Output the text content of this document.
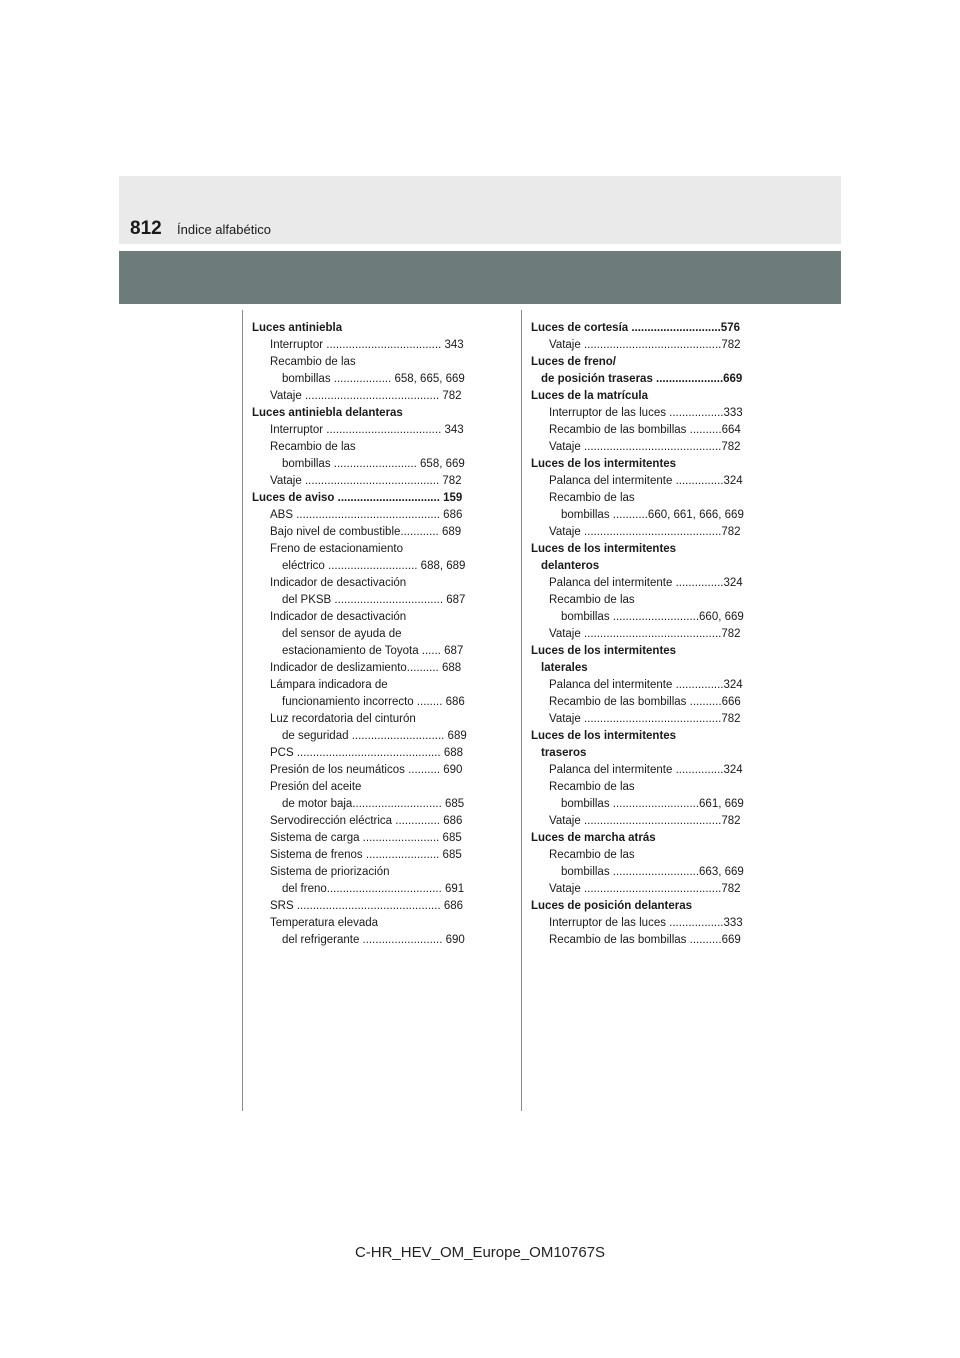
812 Índice alfabético
Luces antiniebla
Interruptor .................................... 343
Recambio de las
bombillas .................. 658, 665, 669
Vataje .......................................... 782
Luces antiniebla delanteras
Interruptor .................................... 343
Recambio de las
bombillas .......................... 658, 669
Vataje .......................................... 782
Luces de aviso ................................ 159
ABS ............................................. 686
Bajo nivel de combustible............ 689
Freno de estacionamiento
eléctrico ............................ 688, 689
Indicador de desactivación
del PKSB .................................. 687
Indicador de desactivación
del sensor de ayuda de
estacionamiento de Toyota ...... 687
Indicador de deslizamiento.......... 688
Lámpara indicadora de
funcionamiento incorrecto ........ 686
Luz recordatoria del cinturón
de seguridad ............................. 689
PCS ............................................. 688
Presión de los neumáticos .......... 690
Presión del aceite
de motor baja............................ 685
Servodirección eléctrica .............. 686
Sistema de carga ........................ 685
Sistema de frenos ....................... 685
Sistema de priorización
del freno.................................... 691
SRS ............................................. 686
Temperatura elevada
del refrigerante ......................... 690
Luces de cortesía ............................576
Vataje ...........................................782
Luces de freno/
de posición traseras .....................669
Luces de la matrícula
Interruptor de las luces .................333
Recambio de las bombillas ..........664
Vataje ...........................................782
Luces de los intermitentes
Palanca del intermitente ...............324
Recambio de las
bombillas ...........660, 661, 666, 669
Vataje ...........................................782
Luces de los intermitentes
delanteros
Palanca del intermitente ...............324
Recambio de las
bombillas ...........................660, 669
Vataje ...........................................782
Luces de los intermitentes
laterales
Palanca del intermitente ...............324
Recambio de las bombillas ..........666
Vataje ...........................................782
Luces de los intermitentes
traseros
Palanca del intermitente ...............324
Recambio de las
bombillas ...........................661, 669
Vataje ...........................................782
Luces de marcha atrás
Recambio de las
bombillas ...........................663, 669
Vataje ...........................................782
Luces de posición delanteras
Interruptor de las luces .................333
Recambio de las bombillas ..........669
C-HR_HEV_OM_Europe_OM10767S
